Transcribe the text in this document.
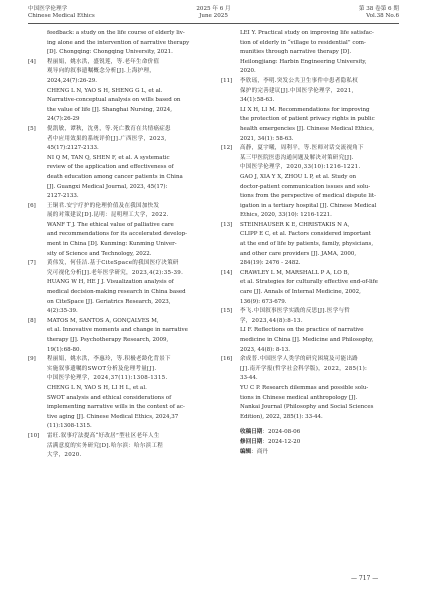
中国医学伦理学
Chinese Medical Ethics
2025 年 6 月
June 2025
第 38 卷第 6 期
Vol.38 No.6
feedback: a study on the life course of elderly liv-
ing alone and the intervention of narrative therapy
[D]. Chongqing: Chongqing University, 2021.
[4] 程丽娟，姚水洪，盛锐莲，等.老年生命价值
观导向的叙事遗嘱概念分析[J].上海护理，
2024,24(7):26-29.
CHENG L N, YAO S H, SHENG G L, et al.
Narrative-conceptual analysis on wills based on
the value of life [J]. Shanghai Nursing, 2024,
24(7):26-29
[5] 倪凯敏，谭秋，沈勇，等.死亡教育在共情癌症患
者中应用效果的系统评价[J].广西医学，2023,
45(17):2127-2133.
NI Q M, TAN Q, SHEN F, et al. A systematic
review of the application and effectiveness of
death education among cancer patients in China
[J]. Guangxi Medical Journal, 2023, 45(17):
2127-2133.
[6] 王铜君.安宁疗护的伦理价值及在我国加快发
展的对策建议[D].昆明：昆明理工大学，2022.
WANF T J. The ethical value of palliative care
and recommendations for its accelerated develop-
ment in China [D]. Kunming: Kunming Univer-
sity of Science and Technology, 2022.
[7] 黄伟发，何佳洁.基于CiteSpace的我国医疗决策研
究可视化分析[J].老年医学研究，2023,4(2):35-39.
HUANG W H, HE J J. Visualization analysis of
medical decision-making research in China based
on CiteSpace [J]. Geriatrics Research, 2023,
4(2):35-39.
[8] MATOS M, SANTOS A, GONÇALVES M,
et al. Innovative moments and change in narrative
therapy [J]. Psychotherapy Research, 2009,
19(1):68-80.
[9] 程丽娟，姚水洪，李惠玲，等.积极老龄化背景下
实施叙事遗嘱的SWOT分析及伦理考量[J].
中国医学伦理学，2024,37(11):1308-1315.
CHENG L N, YAO S H, LI H L, et al.
SWOT analysis and ethical considerations of
implementing narrative wills in the context of ac-
tive aging [J]. Chinese Medical Ethics, 2024,37
(11):1308-1315.
[10] 雷旺.叙事疗法提高“好改居”型社区老年人生
活满意度的实务研究[D].哈尔滨：哈尔滨工程
大学，2020.
LEI Y. Practical study on improving life satisfac-
tion of elderly in “village to residential” com-
munities through narrative therapy [D].
Heilongjiang: Harbin Engineering University,
2020.
[11] 李欣瑶，李明.突发公共卫生事件中患者隐私权
保护的完善建议[J].中国医学伦理学，2021,
34(1):58-63.
LI X H, LI M. Recommendations for improving
the protection of patient privacy rights in public
health emergencies [J]. Chinese Medical Ethics,
2021, 34(1): 58-63.
[12] 高静，夏宇曦，周利平，等.医师对话交流视角下
某三甲医院医患沟通问题及解决对策研究[J].
中国医学伦理学，2020,33(10):1216-1221.
GAO J, XIA Y X, ZHOU L P, et al. Study on
doctor-patient communication issues and solu-
tions from the perspective of medical dispute lit-
igation in a tertiary hospital [J]. Chinese Medical
Ethics, 2020, 33(10): 1216-1221.
[13] STEINHAUSER K E, CHRISTAKIS N A,
CLIPP E C, et al. Factors considered important
at the end of life by patients, family, physicians,
and other care providers [J]. JAMA, 2000,
284(19): 2476 - 2482.
[14] CRAWLEY L M, MARSHALL P A, LO B,
et al. Strategies for culturally effective end-of-life
care [J]. Annals of Internal Medicine, 2002,
136(9): 673-679.
[15] 李飞.中国叙事医学实践的反思[J].医学与哲
学，2023,44(8):8-13.
LI F. Reflections on the practice of narrative
medicine in China [J]. Medicine and Philosophy,
2023, 44(8): 8-13.
[16] 余成普.中国医学人类学的研究困境及可能出路
[J].南开学报(哲学社会科学版)，2022，285(1):
33-44.
YU C P. Research dilemmas and possible solu-
tions in Chinese medical anthropology [J].
Nankai Journal (Philosophy and Social Sciences
Edition), 2022, 285(1): 33-44.
收稿日期：2024-08-06
修回日期：2024-12-20
编辑：商丹
— 717 —
